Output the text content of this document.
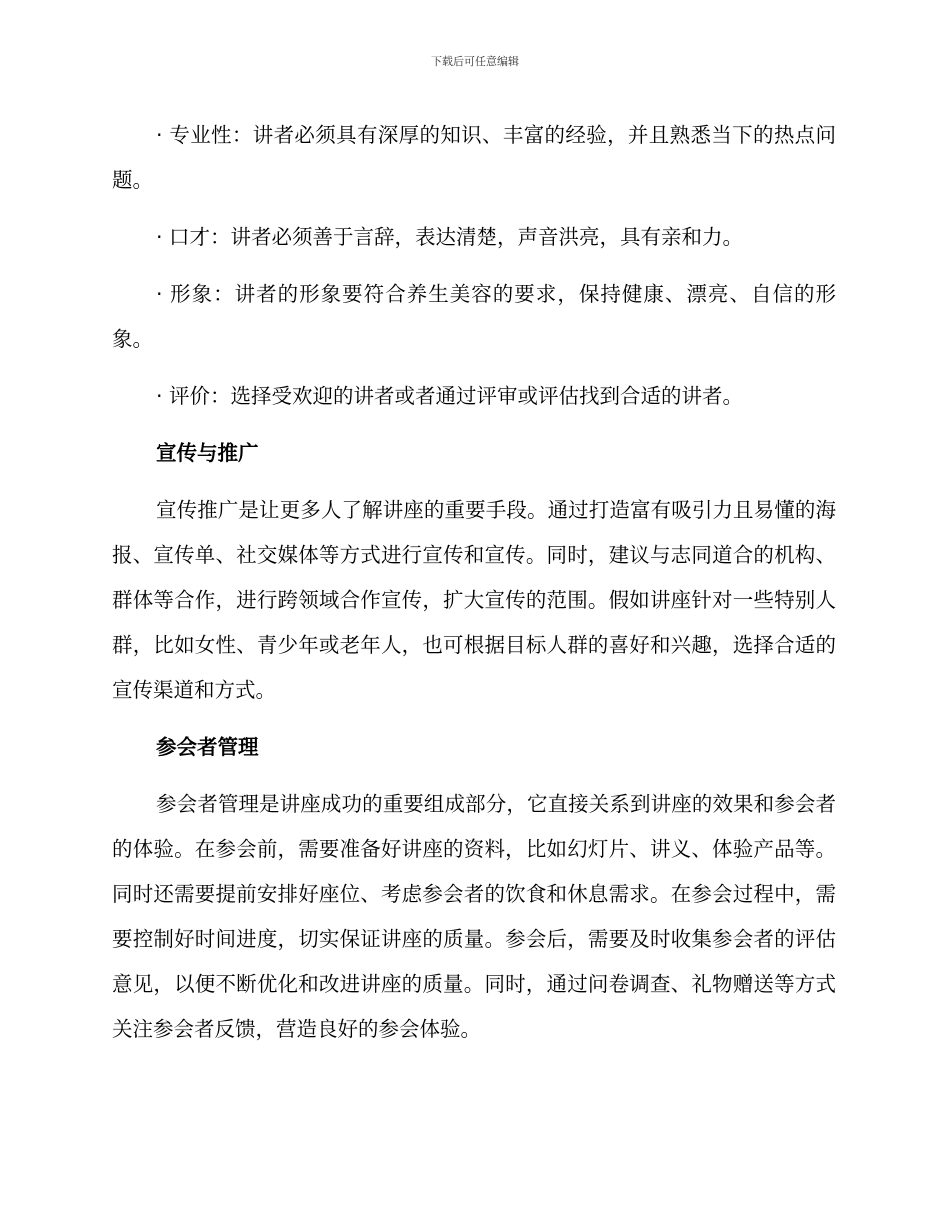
下载后可任意编辑

· 专业性：讲者必须具有深厚的知识、丰富的经验，并且熟悉当下的热点问题。

· 口才：讲者必须善于言辞，表达清楚，声音洪亮，具有亲和力。

· 形象：讲者的形象要符合养生美容的要求，保持健康、漂亮、自信的形象。

· 评价：选择受欢迎的讲者或者通过评审或评估找到合适的讲者。

宣传与推广

宣传推广是让更多人了解讲座的重要手段。通过打造富有吸引力且易懂的海报、宣传单、社交媒体等方式进行宣传和宣传。同时，建议与志同道合的机构、群体等合作，进行跨领域合作宣传，扩大宣传的范围。假如讲座针对一些特别人群，比如女性、青少年或老年人，也可根据目标人群的喜好和兴趣，选择合适的宣传渠道和方式。

参会者管理

参会者管理是讲座成功的重要组成部分，它直接关系到讲座的效果和参会者的体验。在参会前，需要准备好讲座的资料，比如幻灯片、讲义、体验产品等。同时还需要提前安排好座位、考虑参会者的饮食和休息需求。在参会过程中，需要控制好时间进度，切实保证讲座的质量。参会后，需要及时收集参会者的评估意见，以便不断优化和改进讲座的质量。同时，通过问卷调查、礼物赠送等方式关注参会者反馈，营造良好的参会体验。
